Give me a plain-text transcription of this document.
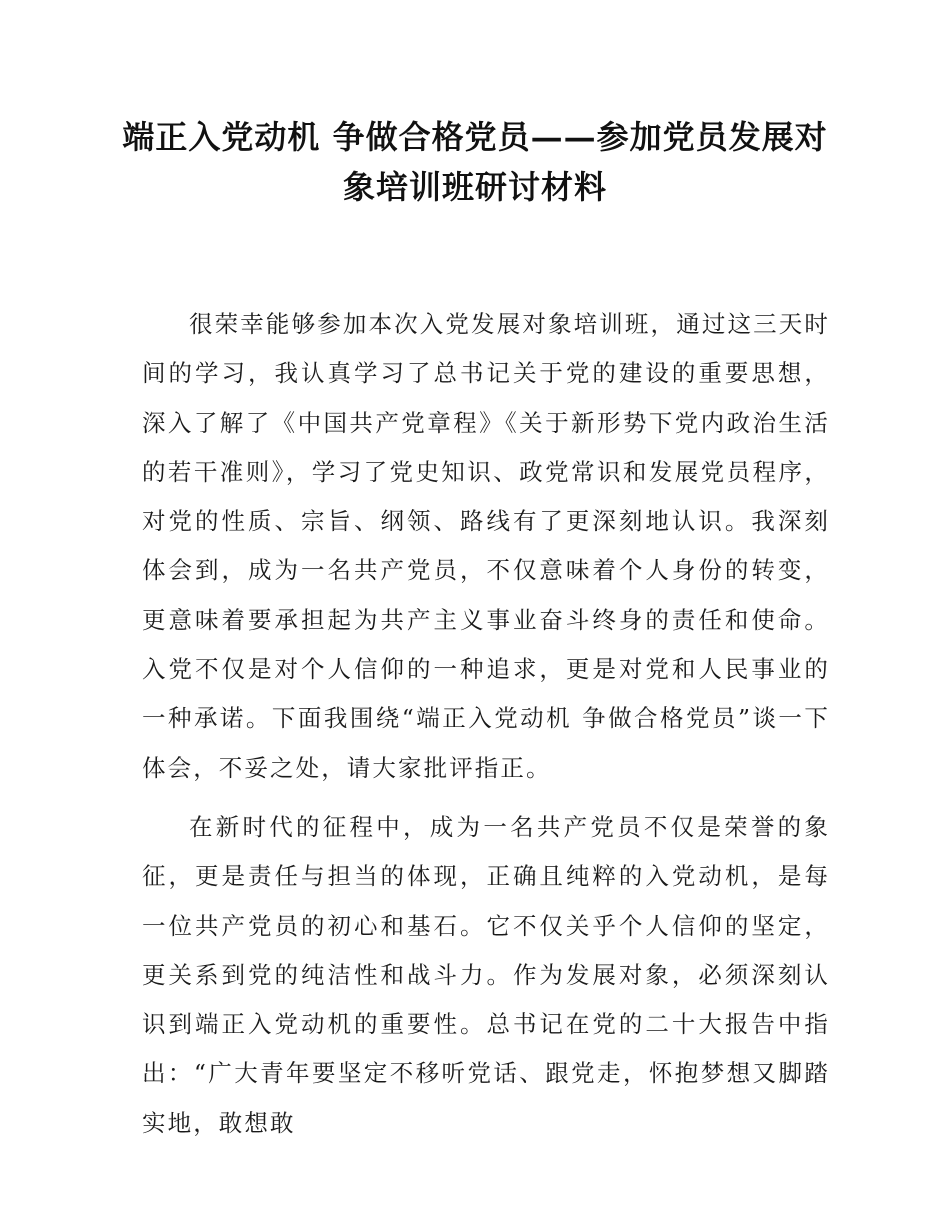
端正入党动机 争做合格党员——参加党员发展对象培训班研讨材料

很荣幸能够参加本次入党发展对象培训班，通过这三天时间的学习，我认真学习了总书记关于党的建设的重要思想，深入了解了《中国共产党章程》《关于新形势下党内政治生活的若干准则》，学习了党史知识、政党常识和发展党员程序，对党的性质、宗旨、纲领、路线有了更深刻地认识。我深刻体会到，成为一名共产党员，不仅意味着个人身份的转变，更意味着要承担起为共产主义事业奋斗终身的责任和使命。入党不仅是对个人信仰的一种追求，更是对党和人民事业的一种承诺。下面我围绕“端正入党动机 争做合格党员”谈一下体会，不妥之处，请大家批评指正。

在新时代的征程中，成为一名共产党员不仅是荣誉的象征，更是责任与担当的体现，正确且纯粹的入党动机，是每一位共产党员的初心和基石。它不仅关乎个人信仰的坚定，更关系到党的纯洁性和战斗力。作为发展对象，必须深刻认识到端正入党动机的重要性。总书记在党的二十大报告中指出：“广大青年要坚定不移听党话、跟党走，怀抱梦想又脚踏实地，敢想敢
